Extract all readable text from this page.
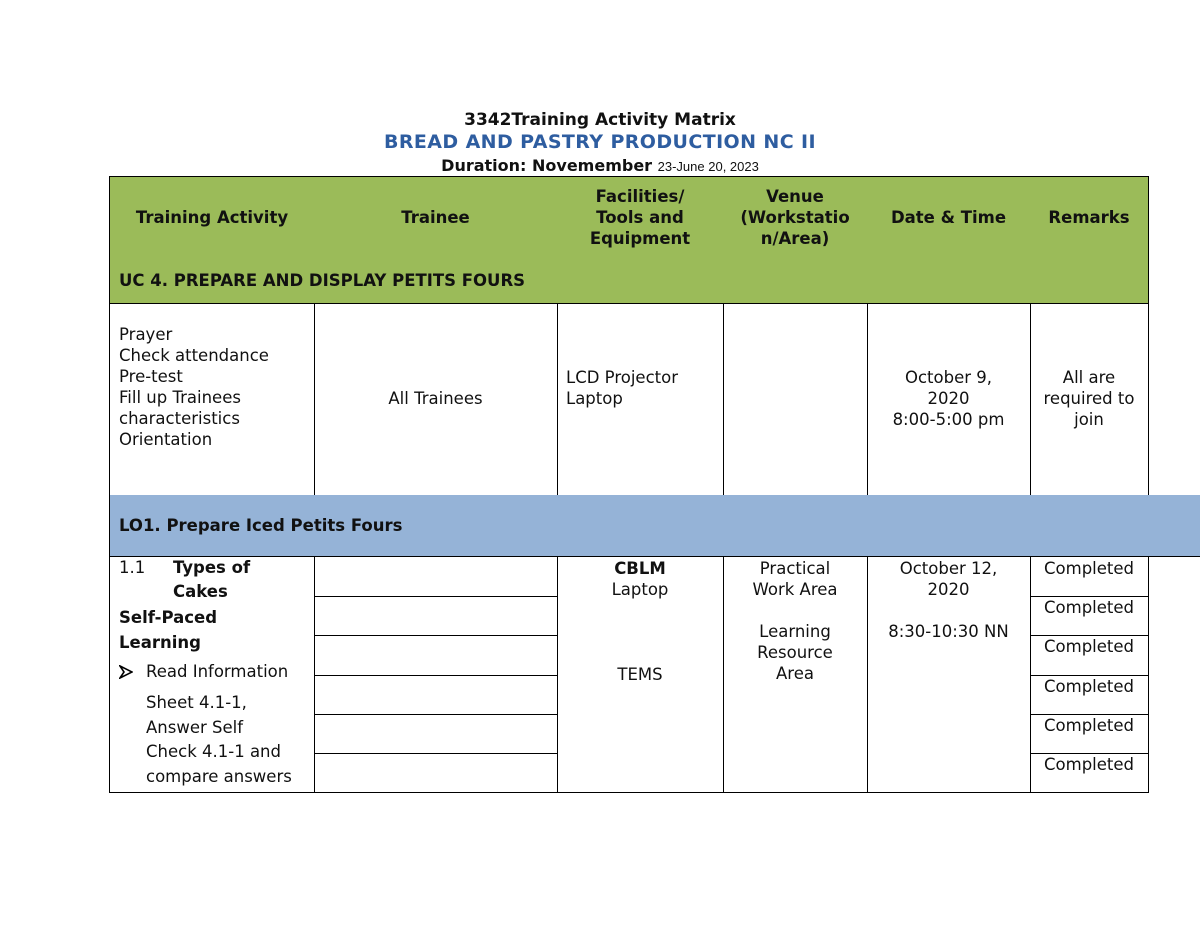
3342Training Activity Matrix
BREAD AND PASTRY PRODUCTION NC II
Duration: Novemember 23-June 20, 2023
Training Activity	Trainee
Facilities/
Tools and
Equipment
Venue
(Workstatio
n/Area)
Date & Time	Remarks
UC 4. PREPARE AND DISPLAY PETITS FOURS
Prayer
Check attendance
Pre-test
Fill up Trainees
characteristics
Orientation
All Trainees
LCD Projector
Laptop
October 9,
2020
8:00-5:00 pm
All are
required to
join
LO1. Prepare Iced Petits Fours
1.1 Types of
Cakes
Self-Paced
Learning
Read Information
Sheet 4.1-1,
Answer Self
Check 4.1-1 and
compare answers
CBLM
Laptop
TEMS
Practical
Work Area
Learning
Resource
Area
October 12,
2020
8:30-10:30 NN
Completed
Completed
Completed
Completed
Completed
Completed
